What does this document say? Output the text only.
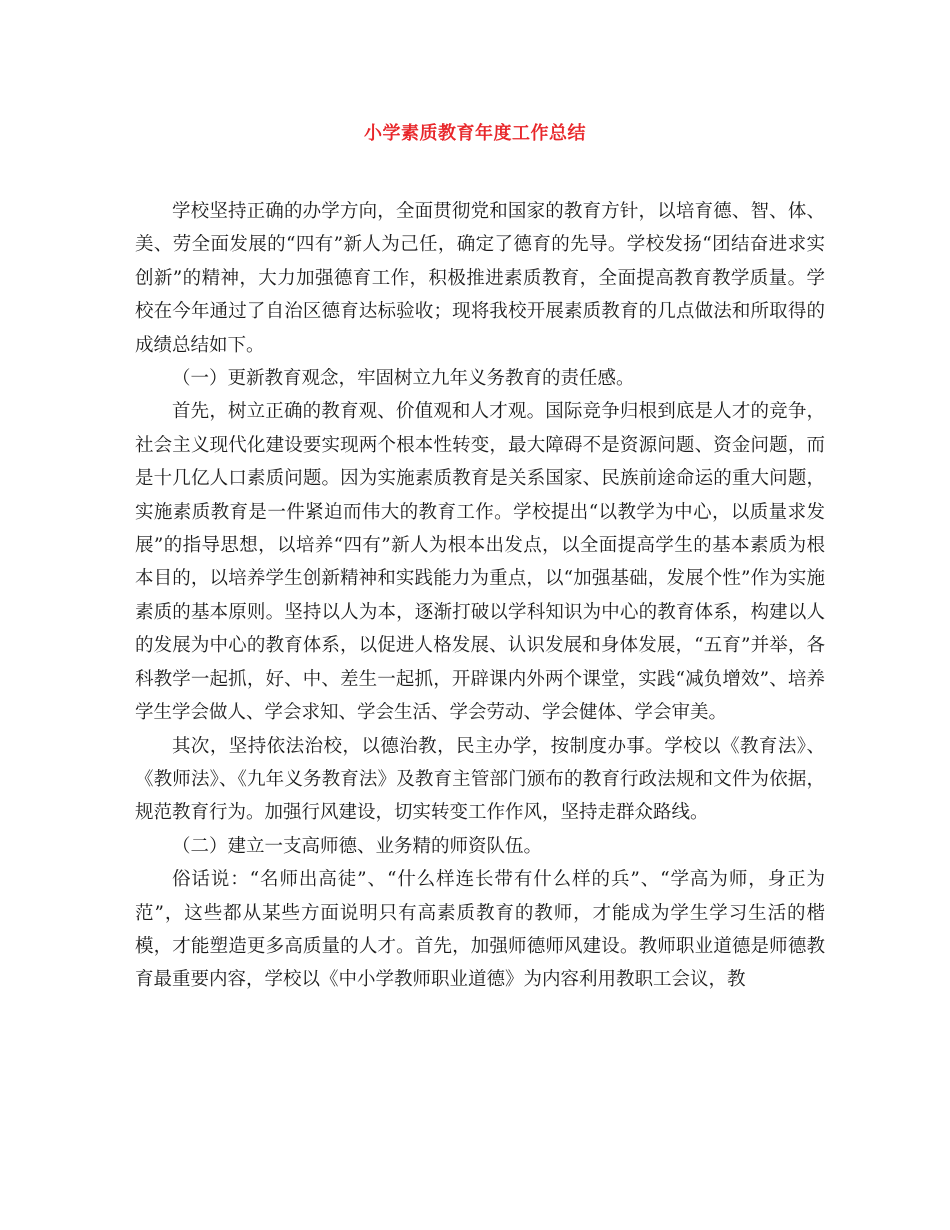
小学素质教育年度工作总结

学校坚持正确的办学方向，全面贯彻党和国家的教育方针，以培育德、智、体、美、劳全面发展的“四有”新人为己任，确定了德育的先导。学校发扬“团结奋进求实创新”的精神，大力加强德育工作，积极推进素质教育，全面提高教育教学质量。学校在今年通过了自治区德育达标验收；现将我校开展素质教育的几点做法和所取得的成绩总结如下。

（一）更新教育观念，牢固树立九年义务教育的责任感。

首先，树立正确的教育观、价值观和人才观。国际竞争归根到底是人才的竞争，社会主义现代化建设要实现两个根本性转变，最大障碍不是资源问题、资金问题，而是十几亿人口素质问题。因为实施素质教育是关系国家、民族前途命运的重大问题，实施素质教育是一件紧迫而伟大的教育工作。学校提出“以教学为中心，以质量求发展”的指导思想，以培养“四有”新人为根本出发点，以全面提高学生的基本素质为根本目的，以培养学生创新精神和实践能力为重点，以“加强基础，发展个性”作为实施素质的基本原则。坚持以人为本，逐渐打破以学科知识为中心的教育体系，构建以人的发展为中心的教育体系，以促进人格发展、认识发展和身体发展，“五育”并举，各科教学一起抓，好、中、差生一起抓，开辟课内外两个课堂，实践“减负增效”、培养学生学会做人、学会求知、学会生活、学会劳动、学会健体、学会审美。

其次，坚持依法治校，以德治教，民主办学，按制度办事。学校以《教育法》、《教师法》、《九年义务教育法》及教育主管部门颁布的教育行政法规和文件为依据，规范教育行为。加强行风建设，切实转变工作作风，坚持走群众路线。

（二）建立一支高师德、业务精的师资队伍。

俗话说：“名师出高徒”、“什么样连长带有什么样的兵”、“学高为师，身正为范”，这些都从某些方面说明只有高素质教育的教师，才能成为学生学习生活的楷模，才能塑造更多高质量的人才。首先，加强师德师风建设。教师职业道德是师德教育最重要内容，学校以《中小学教师职业道德》为内容利用教职工会议，教
